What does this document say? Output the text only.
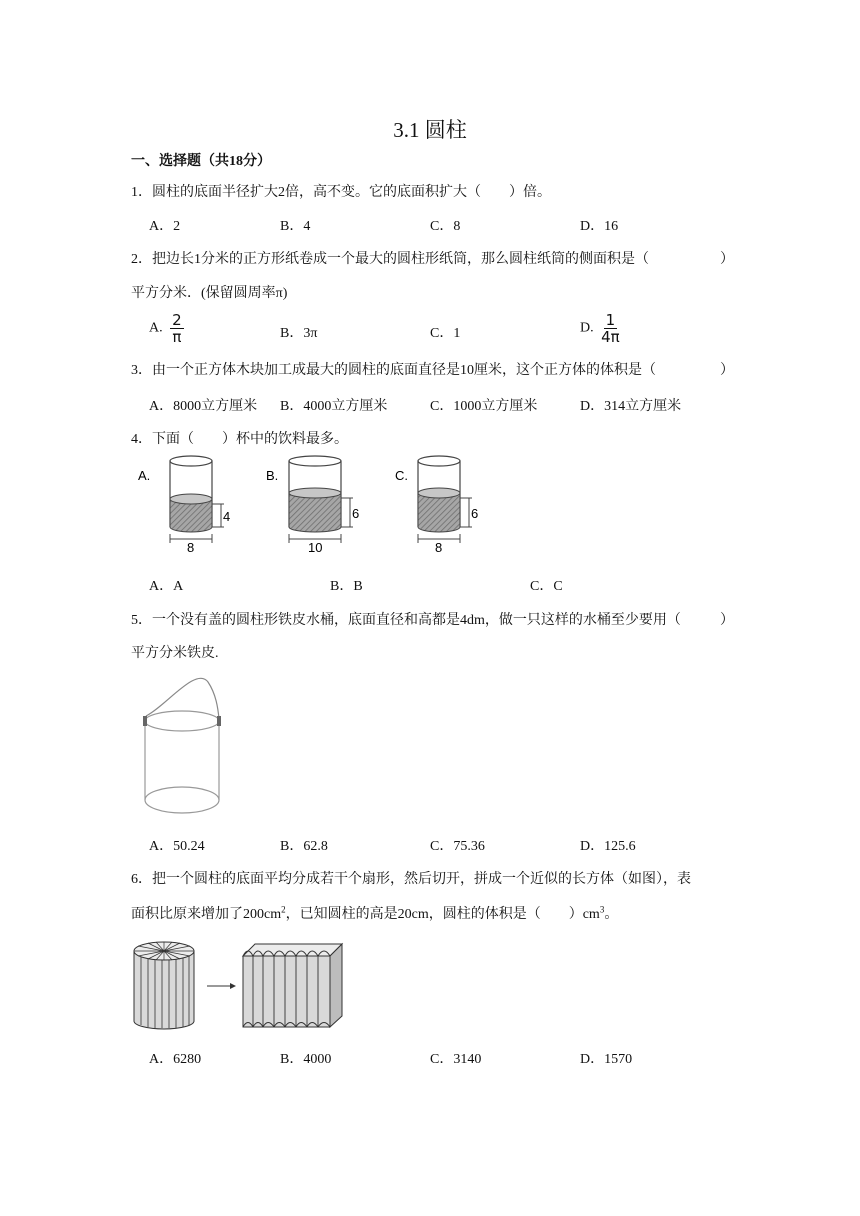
3.1 圆柱
一、选择题（共18分）
1．圆柱的底面半径扩大2倍，高不变。它的底面积扩大（　　）倍。
A．2	B．4	C．8	D．16
2．把边长1分米的正方形纸卷成一个最大的圆柱形纸筒，那么圆柱纸筒的侧面积是（	）
平方分米．(保留圆周率π)
A. $\frac{2}{\pi}$	B．3π	C．1	D. $\frac{1}{4\pi}$
3．由一个正方体木块加工成最大的圆柱的底面直径是10厘米，这个正方体的体积是（	）
A．8000立方厘米 B．4000立方厘米	C．1000立方厘米	D．314立方厘米
4．下面（　　）杯中的饮料最多。
A.
4
8
B.
6
10
C.
6
8
A．A	B．B	C．C
5．一个没有盖的圆柱形铁皮水桶，底面直径和高都是4dm，做一只这样的水桶至少要用（	）
平方分米铁皮.
A．50.24	B．62.8	C．75.36	D．125.6
6．把一个圆柱的底面平均分成若干个扇形，然后切开，拼成一个近似的长方体（如图），表
面积比原来增加了$200cm^2$，已知圆柱的高是20cm，圆柱的体积是（　　）$cm^3$。
A．6280	B．4000	C．3140	D．1570
